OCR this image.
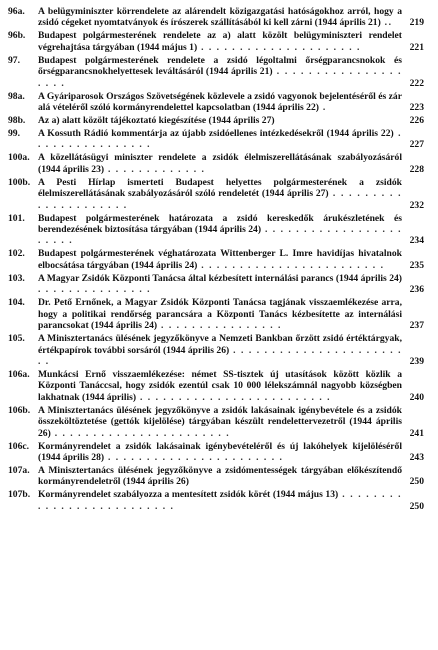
96a.	A belügyminiszter körrendelete az alárendelt közigazgatási hatóságokhoz arról, hogy a zsidó cégeket nyomtatványok és írószerek szállításából ki kell zárni (1944 április 21) ..	219
96b.	Budapest polgármesterének rendelete az a) alatt közölt belügyminiszteri rendelet végrehajtása tárgyában (1944 május 1) . . . . . . . . . . . . . . . . . . . . .	221
97.	Budapest polgármesterének rendelete a zsidó légoltalmi őrségparancsnokok és őrségparancsnokhelyettesek leváltásáról (1944 április 21) . . . . . . . . . . . . . . . . . . . .	222
98a.	A Gyáriparosok Országos Szövetségének közlevele a zsidó vagyonok bejelentéséről és zár alá vételéről szóló kormányrendelettel kapcsolatban (1944 április 22) .	223
98b.	Az a) alatt közölt tájékoztató kiegészítése (1944 április 27)	226
99.	A Kossuth Rádió kommentárja az újabb zsidóellenes intézkedésekről (1944 április 22) . . . . . . . . . . . . . . . .	227
100a. A közellátásügyi miniszter rendelete a zsidók élelmiszerellátásának szabályozásáról (1944 április 23) . . . . . . . . . . . . .	228
100b. A Pesti Hírlap ismerteti Budapest helyettes polgármesterének a zsidók élelmiszerellátásának szabályozásáról szóló rendeletét (1944 április 27) . . . . . . . . . . . . . . . . . . . . .	232
101.	Budapest polgármesterének határozata a zsidó kereskedők árukészletének és berendezésének biztosítása tárgyában (1944 április 24) . . . . . . . . . . . . . . . . . . . . . . .	234
102.	Budapest polgármesterének véghatározata Wittenberger L. Imre havidíjas hivatalnok elbocsátása tárgyában (1944 április 24) . . . . . . . . . . . . . . . . . . . . . . . .	235
103.	A Magyar Zsidók Központi Tanácsa által kézbesített internálási parancs (1944 április 24) . . . . . . . . . . . . . . .	236
104.	Dr. Pető Ernőnek, a Magyar Zsidók Központi Tanácsa tagjának visszaemlékezése arra, hogy a politikai rendőrség parancsára a Központi Tanács kézbesítette az internálási parancsokat (1944 április 24) . . . . . . . . . . . . . . . .	237
105.	A Minisztertanács ülésének jegyzőkönyve a Nemzeti Bankban őrzött zsidó értéktárgyak, értékpapírok további sorsáról (1944 április 26) . . . . . . . . . . . . . . . . . . . . . . . .	239
106a. Munkácsi Ernő visszaemlékezése: német SS-tisztek új utasítások között közlik a Központi Tanáccsal, hogy zsidók ezentúl csak 10 000 lélekszámnál nagyobb községben lakhatnak (1944 április) . . . . . . . . . . . . . . . . . . . . . . . . .	240
106b. A Minisztertanács ülésének jegyzőkönyve a zsidók lakásainak igénybevétele és a zsidók összeköltöztetése (gettók kijelölése) tárgyában készült rendelettervezetről (1944 április 26) . . . . . . . . . . . . . . . . . . . . . . .	241
106c. Kormányrendelet a zsidók lakásainak igénybevételéről és új lakóhelyek kijelöléséről (1944 április 28) . . . . . . . . . . . . . . . . . . . . . . .	243
107a. A Minisztertanács ülésének jegyzőkönyve a zsidómentességek tárgyában előkészítendő kormányrendeletről (1944 április 26)	250
107b. Kormányrendelet szabályozza a mentesített zsidók körét (1944 május 13) . . . . . . . . . . . . . . . . . . . . . . . . . .	250
